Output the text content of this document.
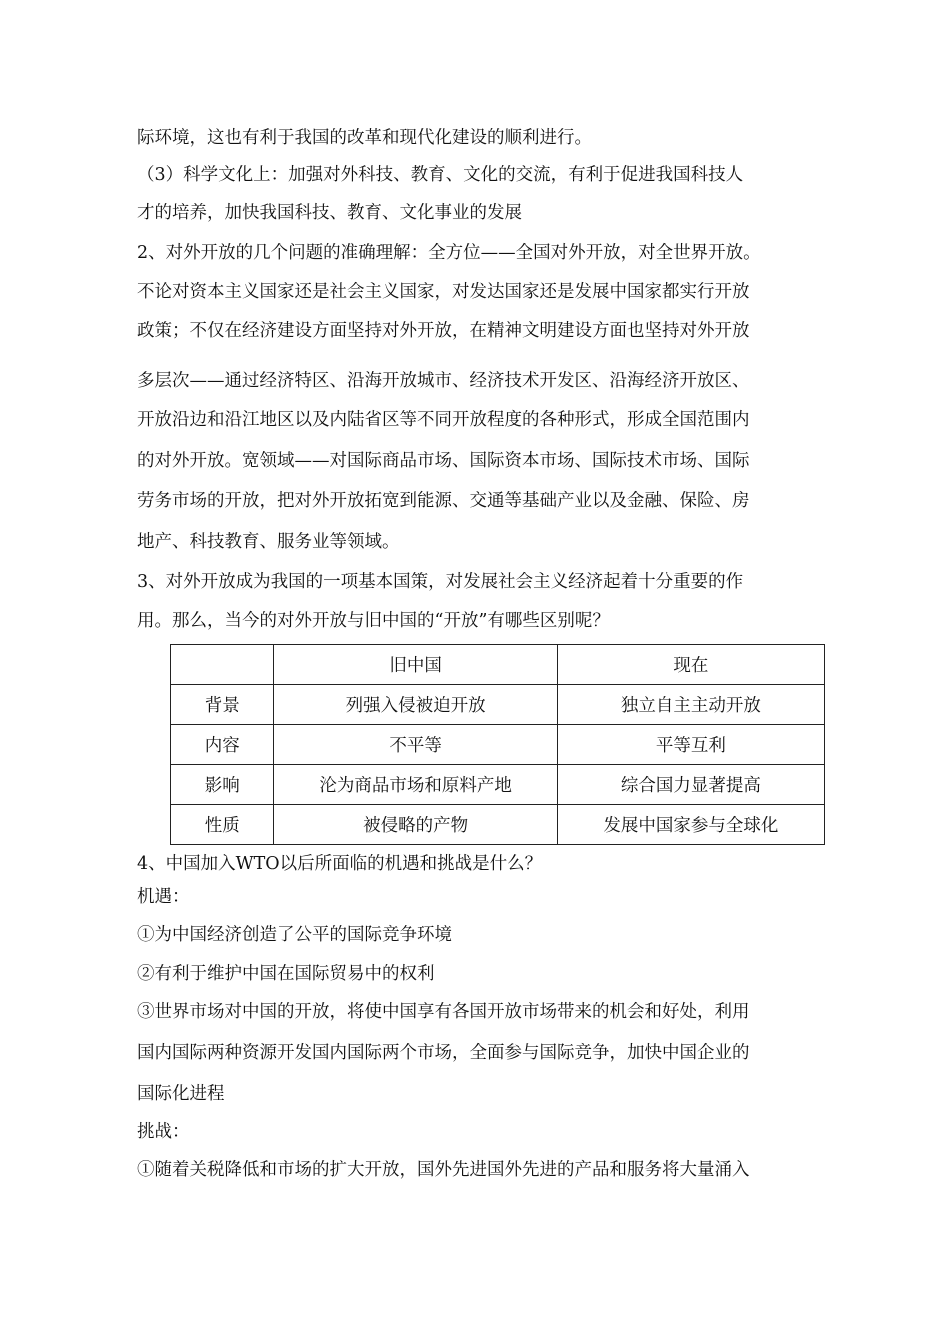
际环境，这也有利于我国的改革和现代化建设的顺利进行。

（3）科学文化上：加强对外科技、教育、文化的交流，有利于促进我国科技人

才的培养，加快我国科技、教育、文化事业的发展

2、对外开放的几个问题的准确理解：全方位——全国对外开放，对全世界开放。

不论对资本主义国家还是社会主义国家，对发达国家还是发展中国家都实行开放

政策；不仅在经济建设方面坚持对外开放，在精神文明建设方面也坚持对外开放

多层次——通过经济特区、沿海开放城市、经济技术开发区、沿海经济开放区、

开放沿边和沿江地区以及内陆省区等不同开放程度的各种形式，形成全国范围内

的对外开放。宽领域——对国际商品市场、国际资本市场、国际技术市场、国际

劳务市场的开放，把对外开放拓宽到能源、交通等基础产业以及金融、保险、房

地产、科技教育、服务业等领域。

3、对外开放成为我国的一项基本国策，对发展社会主义经济起着十分重要的作

用。那么，当今的对外开放与旧中国的“开放”有哪些区别呢？

	旧中国	现在
背景	列强入侵被迫开放	独立自主主动开放
内容	不平等	平等互利
影响	沦为商品市场和原料产地	综合国力显著提高
性质	被侵略的产物	发展中国家参与全球化

4、中国加入WTO以后所面临的机遇和挑战是什么？

机遇：

①为中国经济创造了公平的国际竞争环境

②有利于维护中国在国际贸易中的权利

③世界市场对中国的开放，将使中国享有各国开放市场带来的机会和好处，利用

国内国际两种资源开发国内国际两个市场，全面参与国际竞争，加快中国企业的

国际化进程

挑战：

①随着关税降低和市场的扩大开放，国外先进国外先进的产品和服务将大量涌入
